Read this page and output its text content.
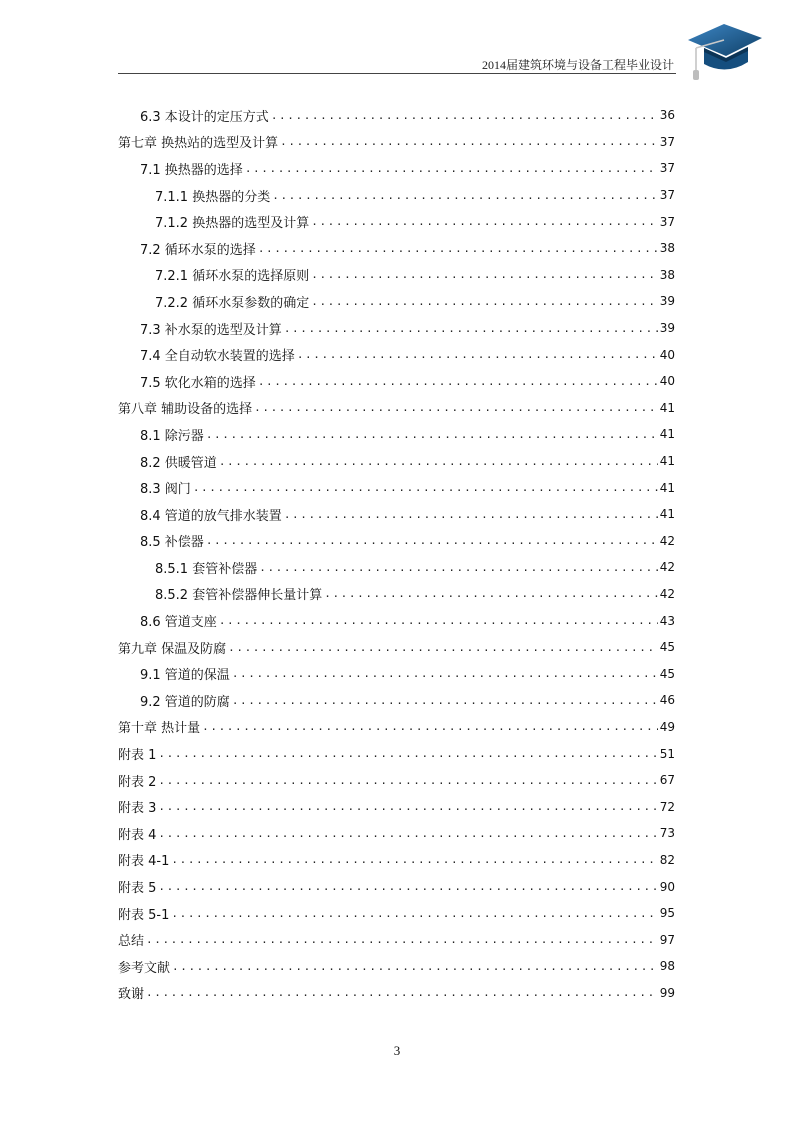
2014届建筑环境与设备工程毕业设计
6.3 本设计的定压方式 .....	36
第七章 换热站的选型及计算 .....	37
7.1 换热器的选择 .....	37
7.1.1 换热器的分类 .....	37
7.1.2 换热器的选型及计算 .....	37
7.2 循环水泵的选择 .....	38
7.2.1 循环水泵的选择原则 .....	38
7.2.2 循环水泵参数的确定 .....	39
7.3 补水泵的选型及计算 .....	39
7.4 全自动软水装置的选择 .....	40
7.5 软化水箱的选择 .....	40
第八章 辅助设备的选择 .....	41
8.1 除污器 .....	41
8.2 供暖管道 .....	41
8.3 阀门 .....	41
8.4 管道的放气排水装置 .....	41
8.5 补偿器 .....	42
8.5.1 套管补偿器 .....	42
8.5.2 套管补偿器伸长量计算 .....	42
8.6 管道支座 .....	43
第九章 保温及防腐 .....	45
9.1 管道的保温 .....	45
9.2 管道的防腐 .....	46
第十章 热计量 .....	49
附表 1 .....	51
附表 2 .....	67
附表 3 .....	72
附表 4 .....	73
附表 4-1 .....	82
附表 5 .....	90
附表 5-1 .....	95
总结 .....	97
参考文献 .....	98
致谢 .....	99
3
